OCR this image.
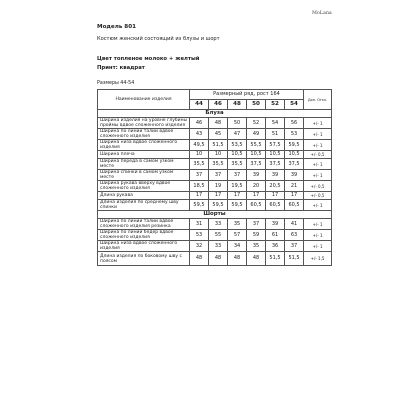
MoLana
Модель 801
Костюм женский состоящий из блузы и шорт
Цвет топленое молоко + желтый
Принт: квадрат
Размеры 44-54
Наименование изделия	Размерный ряд, рост 164						Доп. Откл.
	44	46	48	50	52	54	
Блуза							
Ширина изделия на уровне глубины проймы вдвое сложенного изделия	46	48	50	52	54	56	+/- 1
Ширина по линии талии вдвое сложенного изделия	43	45	47	49	51	53	+/- 1
Ширина низа вдвое сложенного изделия	49,5	51,5	53,5	55,5	57,5	59,5	+/- 1
Ширина плеча	10	10	10,5	10,5	10,5	10,5	+/- 0,5
Ширина переда в самом узком месте	35,5	35,5	35,5	37,5	37,5	37,5	+/- 1
Ширина спинки в самом узком месте	37	37	37	39	39	39	+/- 1
Ширина рукава вверху вдвое сложенного изделия	18,5	19	19,5	20	20,5	21	+/- 0,5
Длина рукава	17	17	17	17	17	17	+/- 0,5
Длина изделия по среднему шву спинки	59,5	59,5	59,5	60,5	60,5	60,5	+/- 1
Шорты							
Ширина по линии талии вдвое сложенного изделия резинка	31	33	35	37	39	41	+/- 1
Ширина по линии бедер вдвое сложенного изделия	53	55	57	59	61	63	+/- 1
Ширина низа вдвое сложенного изделия	32	33	34	35	36	37	+/- 1
Длина изделия по боковому шву с поясом	48	48	48	48	51,5	51,5	+/- 1,5
